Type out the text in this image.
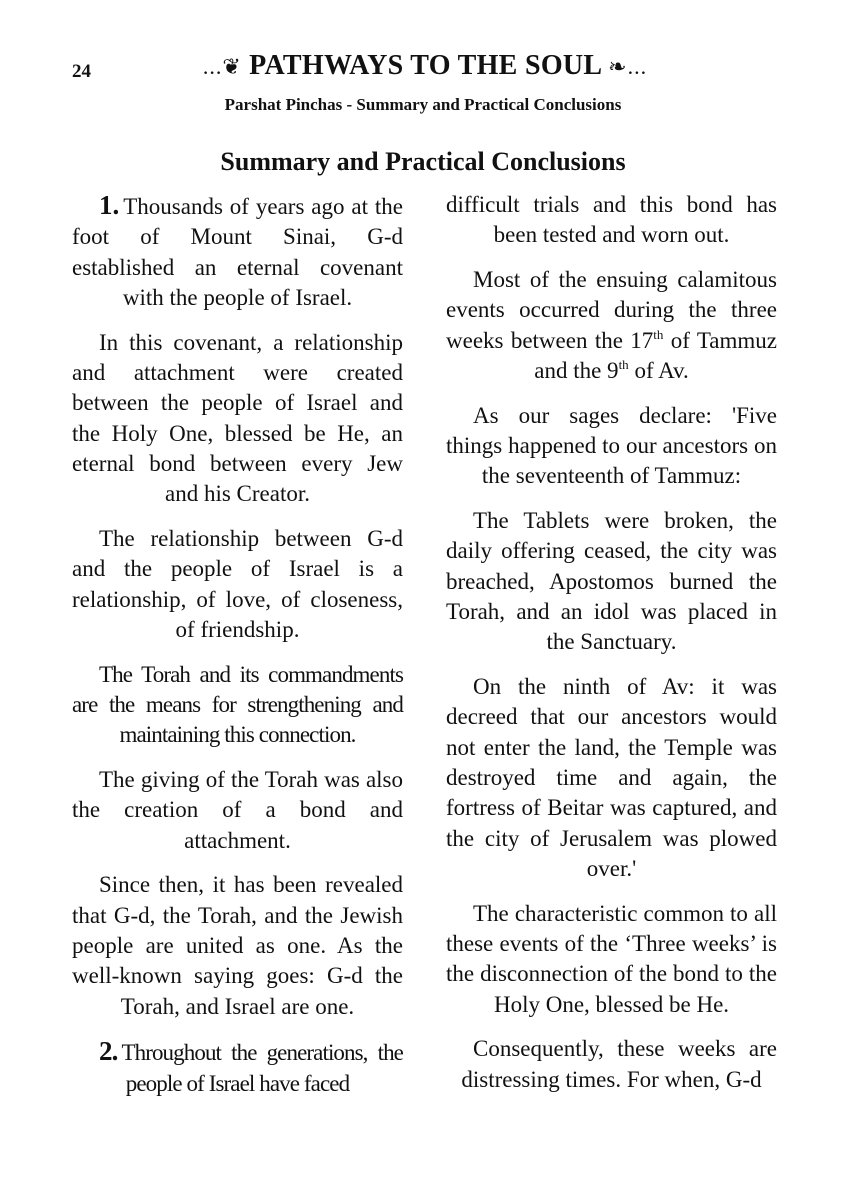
24	...❦ PATHWAYS TO THE SOUL ❧...
Parshat Pinchas - Summary and Practical Conclusions
Summary and Practical Conclusions

1. Thousands of years ago at the foot of Mount Sinai, G-d established an eternal covenant with the people of Israel.

In this covenant, a relationship and attachment were created between the people of Israel and the Holy One, blessed be He, an eternal bond between every Jew and his Creator.

The relationship between G-d and the people of Israel is a relationship, of love, of closeness, of friendship.

The Torah and its commandments are the means for strengthening and maintaining this connection.

The giving of the Torah was also the creation of a bond and attachment.

Since then, it has been revealed that G-d, the Torah, and the Jewish people are united as one. As the well-known saying goes: G-d the Torah, and Israel are one.

2. Throughout the generations, the people of Israel have faced

difficult trials and this bond has been tested and worn out.

Most of the ensuing calamitous events occurred during the three weeks between the 17th of Tammuz and the 9th of Av.

As our sages declare: 'Five things happened to our ancestors on the seventeenth of Tammuz:

The Tablets were broken, the daily offering ceased, the city was breached, Apostomos burned the Torah, and an idol was placed in the Sanctuary.

On the ninth of Av: it was decreed that our ancestors would not enter the land, the Temple was destroyed time and again, the fortress of Beitar was captured, and the city of Jerusalem was plowed over.'

The characteristic common to all these events of the ‘Three weeks’ is the disconnection of the bond to the Holy One, blessed be He.

Consequently, these weeks are distressing times. For when, G-d
